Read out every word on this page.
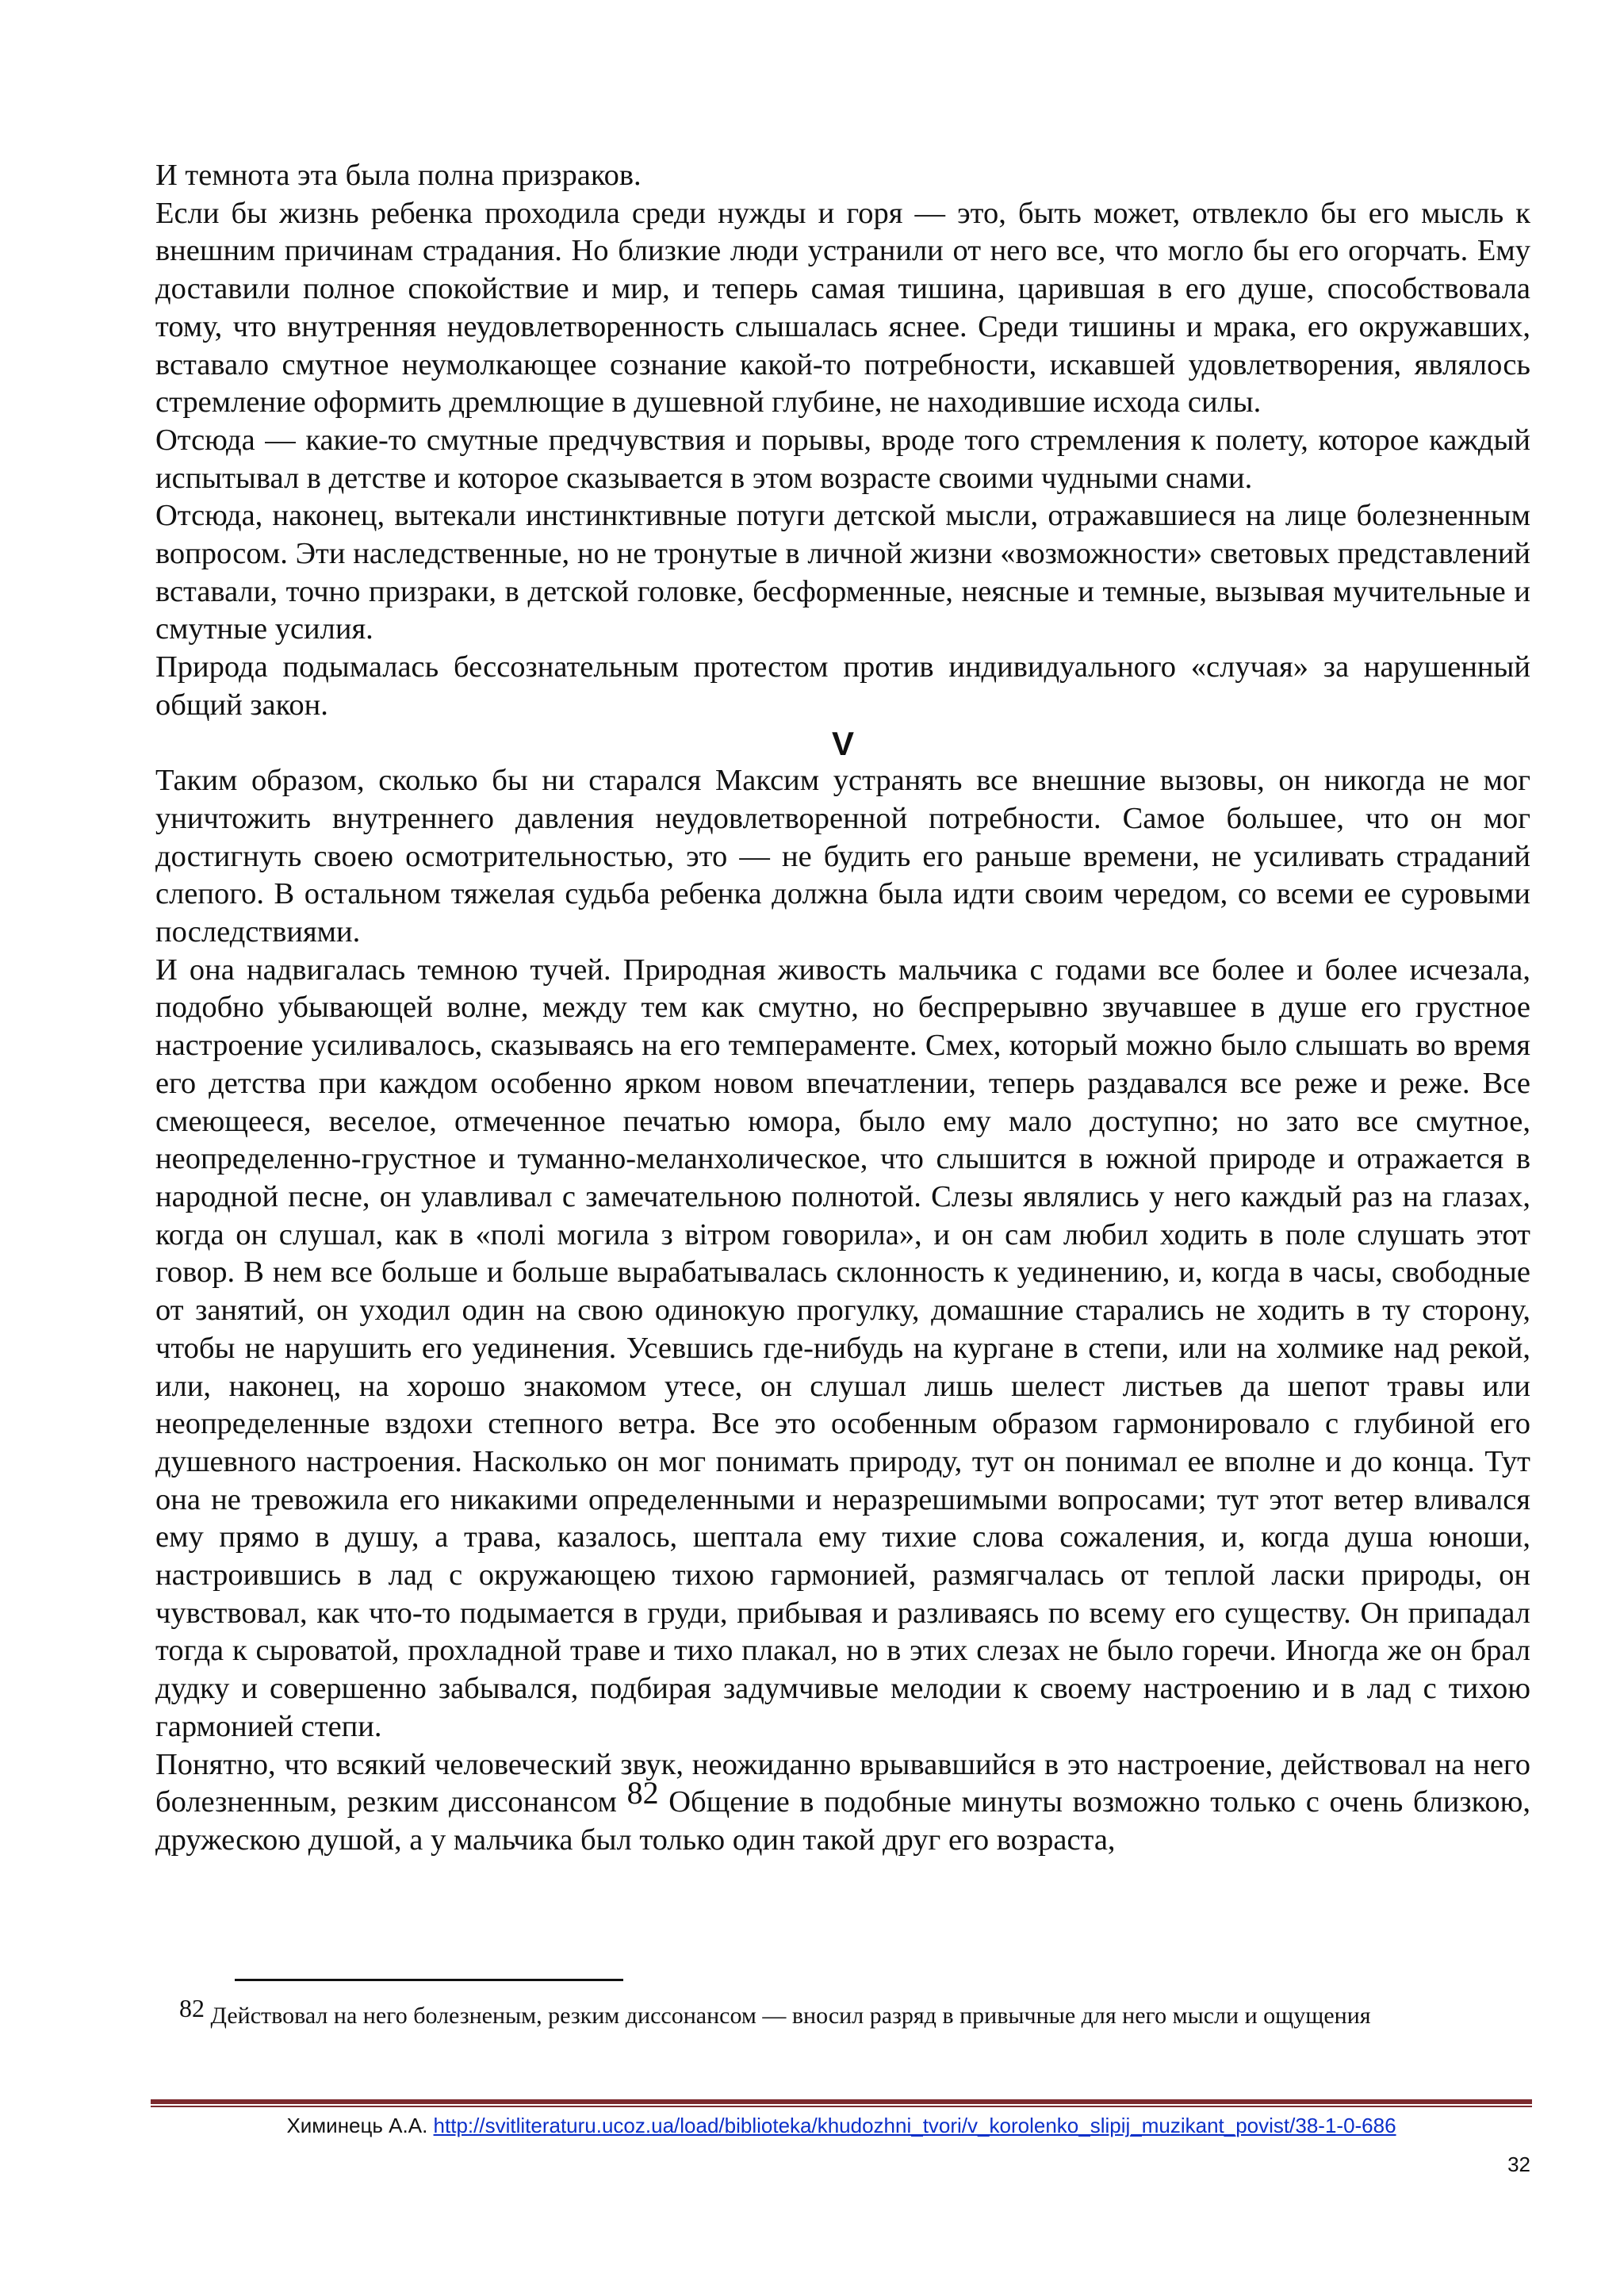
И темнота эта была полна призраков.

Если бы жизнь ребенка проходила среди нужды и горя — это, быть может, отвлекло бы его мысль к внешним причинам страдания. Но близкие люди устранили от него все, что могло бы его огорчать. Ему доставили полное спокойствие и мир, и теперь самая тишина, царившая в его душе, способствовала тому, что внутренняя неудовлетворенность слышалась яснее. Среди тишины и мрака, его окружавших, вставало смутное неумолкающее сознание какой-то потребности, искавшей удовлетворения, являлось стремление оформить дремлющие в душевной глубине, не находившие исхода силы.

Отсюда — какие-то смутные предчувствия и порывы, вроде того стремления к полету, которое каждый испытывал в детстве и которое сказывается в этом возрасте своими чудными снами.

Отсюда, наконец, вытекали инстинктивные потуги детской мысли, отражавшиеся на лице болезненным вопросом. Эти наследственные, но не тронутые в личной жизни «возможности» световых представлений вставали, точно призраки, в детской головке, бесформенные, неясные и темные, вызывая мучительные и смутные усилия.

Природа подымалась бессознательным протестом против индивидуального «случая» за нарушенный общий закон.

V

Таким образом, сколько бы ни старался Максим устранять все внешние вызовы, он никогда не мог уничтожить внутреннего давления неудовлетворенной потребности. Самое большее, что он мог достигнуть своею осмотрительностью, это — не будить его раньше времени, не усиливать страданий слепого. В остальном тяжелая судьба ребенка должна была идти своим чередом, со всеми ее суровыми последствиями.

И она надвигалась темною тучей. Природная живость мальчика с годами все более и более исчезала, подобно убывающей волне, между тем как смутно, но беспрерывно звучавшее в душе его грустное настроение усиливалось, сказываясь на его темпераменте. Смех, который можно было слышать во время его детства при каждом особенно ярком новом впечатлении, теперь раздавался все реже и реже. Все смеющееся, веселое, отмеченное печатью юмора, было ему мало доступно; но зато все смутное, неопределенно-грустное и туманно-меланхолическое, что слышится в южной природе и отражается в народной песне, он улавливал с замечательною полнотой. Слезы являлись у него каждый раз на глазах, когда он слушал, как в «полі могила з вітром говорила», и он сам любил ходить в поле слушать этот говор. В нем все больше и больше вырабатывалась склонность к уединению, и, когда в часы, свободные от занятий, он уходил один на свою одинокую прогулку, домашние старались не ходить в ту сторону, чтобы не нарушить его уединения. Усевшись где-нибудь на кургане в степи, или на холмике над рекой, или, наконец, на хорошо знакомом утесе, он слушал лишь шелест листьев да шепот травы или неопределенные вздохи степного ветра. Все это особенным образом гармонировало с глубиной его душевного настроения. Насколько он мог понимать природу, тут он понимал ее вполне и до конца. Тут она не тревожила его никакими определенными и неразрешимыми вопросами; тут этот ветер вливался ему прямо в душу, а трава, казалось, шептала ему тихие слова сожаления, и, когда душа юноши, настроившись в лад с окружающею тихою гармонией, размягчалась от теплой ласки природы, он чувствовал, как что-то подымается в груди, прибывая и разливаясь по всему его существу. Он припадал тогда к сыроватой, прохладной траве и тихо плакал, но в этих слезах не было горечи. Иногда же он брал дудку и совершенно забывался, подбирая задумчивые мелодии к своему настроению и в лад с тихою гармонией степи.

Понятно, что всякий человеческий звук, неожиданно врывавшийся в это настроение, действовал на него болезненным, резким диссонансом 82 Общение в подобные минуты возможно только с очень близкою, дружескою душой, а у мальчика был только один такой друг его возраста,

82 Действовал на него болезненым, резким диссонансом — вносил разряд в привычные для него мысли и ощущения
Химинець А.А. http://svitliteraturu.ucoz.ua/load/biblioteka/khudozhni_tvori/v_korolenko_slipij_muzikant_povist/38-1-0-686
32
